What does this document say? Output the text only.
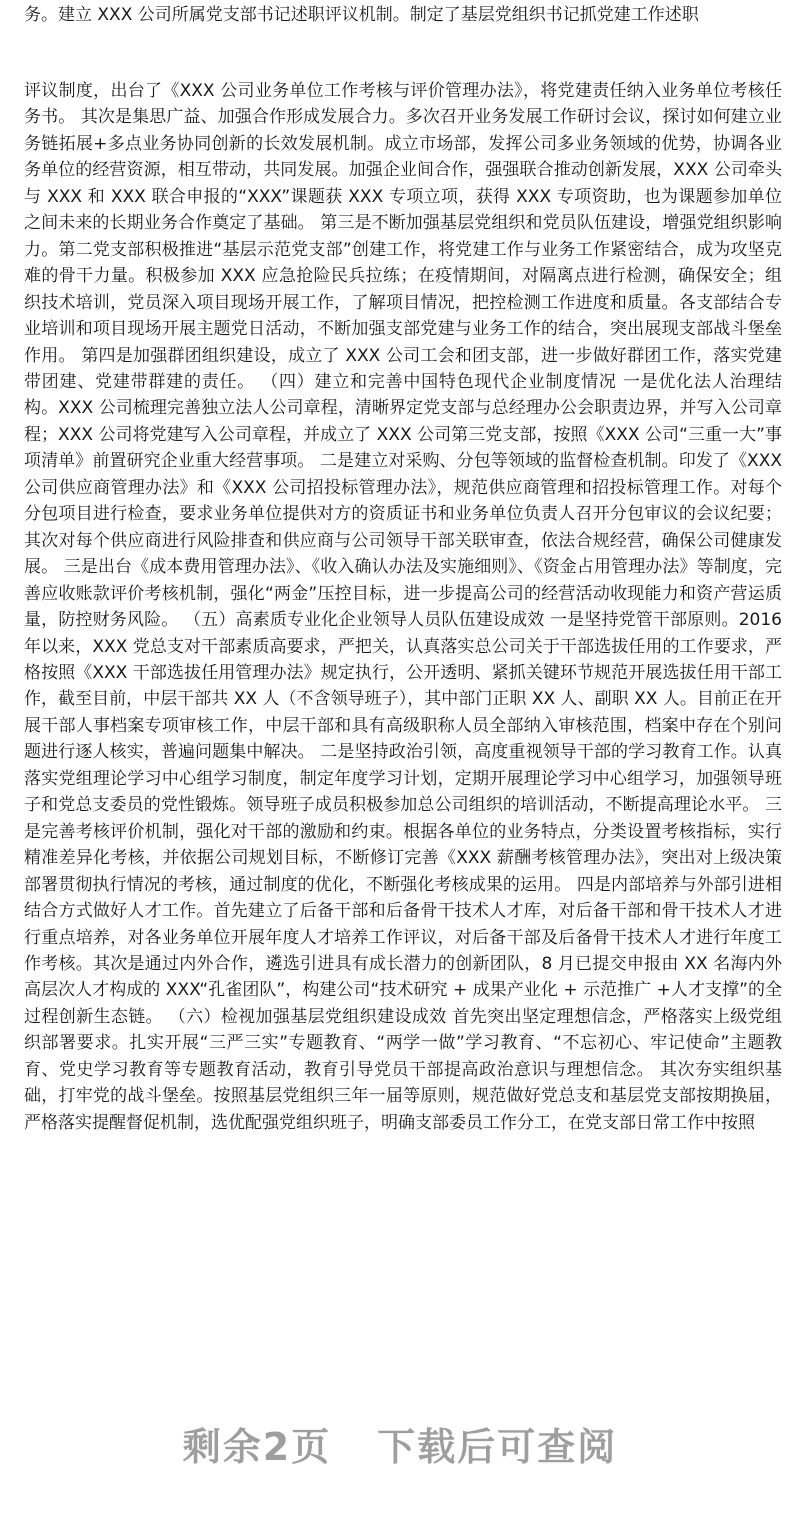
务。建立 XXX 公司所属党支部书记述职评议机制。制定了基层党组织书记抓党建工作述职

评议制度，出台了《XXX 公司业务单位工作考核与评价管理办法》，将党建责任纳入业务单位考核任务书。 其次是集思广益、加强合作形成发展合力。多次召开业务发展工作研讨会议，探讨如何建立业务链拓展+多点业务协同创新的长效发展机制。成立市场部，发挥公司多业务领域的优势，协调各业务单位的经营资源，相互带动，共同发展。加强企业间合作，强强联合推动创新发展，XXX 公司牵头与 XXX 和 XXX 联合申报的“XXX”课题获 XXX 专项立项，获得 XXX 专项资助，也为课题参加单位之间未来的长期业务合作奠定了基础。 第三是不断加强基层党组织和党员队伍建设，增强党组织影响力。第二党支部积极推进“基层示范党支部”创建工作，将党建工作与业务工作紧密结合，成为攻坚克难的骨干力量。积极参加 XXX 应急抢险民兵拉练；在疫情期间，对隔离点进行检测，确保安全；组织技术培训，党员深入项目现场开展工作，了解项目情况，把控检测工作进度和质量。各支部结合专业培训和项目现场开展主题党日活动，不断加强支部党建与业务工作的结合，突出展现支部战斗堡垒作用。 第四是加强群团组织建设，成立了 XXX 公司工会和团支部，进一步做好群团工作，落实党建带团建、党建带群建的责任。 （四）建立和完善中国特色现代企业制度情况 一是优化法人治理结构。XXX 公司梳理完善独立法人公司章程，清晰界定党支部与总经理办公会职责边界，并写入公司章程；XXX 公司将党建写入公司章程，并成立了 XXX 公司第三党支部，按照《XXX 公司“三重一大”事项清单》前置研究企业重大经营事项。 二是建立对采购、分包等领域的监督检查机制。印发了《XXX 公司供应商管理办法》和《XXX 公司招投标管理办法》，规范供应商管理和招投标管理工作。对每个分包项目进行检查，要求业务单位提供对方的资质证书和业务单位负责人召开分包审议的会议纪要；其次对每个供应商进行风险排查和供应商与公司领导干部关联审查，依法合规经营，确保公司健康发展。 三是出台《成本费用管理办法》、《收入确认办法及实施细则》、《资金占用管理办法》等制度，完善应收账款评价考核机制，强化“两金”压控目标，进一步提高公司的经营活动收现能力和资产营运质量，防控财务风险。 （五）高素质专业化企业领导人员队伍建设成效 一是坚持党管干部原则。2016 年以来，XXX 党总支对干部素质高要求，严把关，认真落实总公司关于干部选拔任用的工作要求，严格按照《XXX 干部选拔任用管理办法》规定执行，公开透明、紧抓关键环节规范开展选拔任用干部工作，截至目前，中层干部共 XX 人（不含领导班子），其中部门正职 XX 人、副职 XX 人。目前正在开展干部人事档案专项审核工作，中层干部和具有高级职称人员全部纳入审核范围，档案中存在个别问题进行逐人核实，普遍问题集中解决。 二是坚持政治引领，高度重视领导干部的学习教育工作。认真落实党组理论学习中心组学习制度，制定年度学习计划，定期开展理论学习中心组学习，加强领导班子和党总支委员的党性锻炼。领导班子成员积极参加总公司组织的培训活动，不断提高理论水平。 三是完善考核评价机制，强化对干部的激励和约束。根据各单位的业务特点，分类设置考核指标，实行精准差异化考核，并依据公司规划目标，不断修订完善《XXX 薪酬考核管理办法》，突出对上级决策部署贯彻执行情况的考核，通过制度的优化，不断强化考核成果的运用。 四是内部培养与外部引进相结合方式做好人才工作。首先建立了后备干部和后备骨干技术人才库，对后备干部和骨干技术人才进行重点培养，对各业务单位开展年度人才培养工作评议，对后备干部及后备骨干技术人才进行年度工作考核。其次是通过内外合作，遴选引进具有成长潜力的创新团队，8 月已提交申报由 XX 名海内外高层次人才构成的 XXX“孔雀团队”，构建公司“技术研究 + 成果产业化 + 示范推广 +人才支撑”的全过程创新生态链。 （六）检视加强基层党组织建设成效 首先突出坚定理想信念，严格落实上级党组织部署要求。扎实开展“三严三实”专题教育、“两学一做”学习教育、“不忘初心、牢记使命”主题教育、党史学习教育等专题教育活动，教育引导党员干部提高政治意识与理想信念。 其次夯实组织基础，打牢党的战斗堡垒。按照基层党组织三年一届等原则，规范做好党总支和基层党支部按期换届，严格落实提醒督促机制，选优配强党组织班子，明确支部委员工作分工，在党支部日常工作中按照

剩余2页 下载后可查阅
